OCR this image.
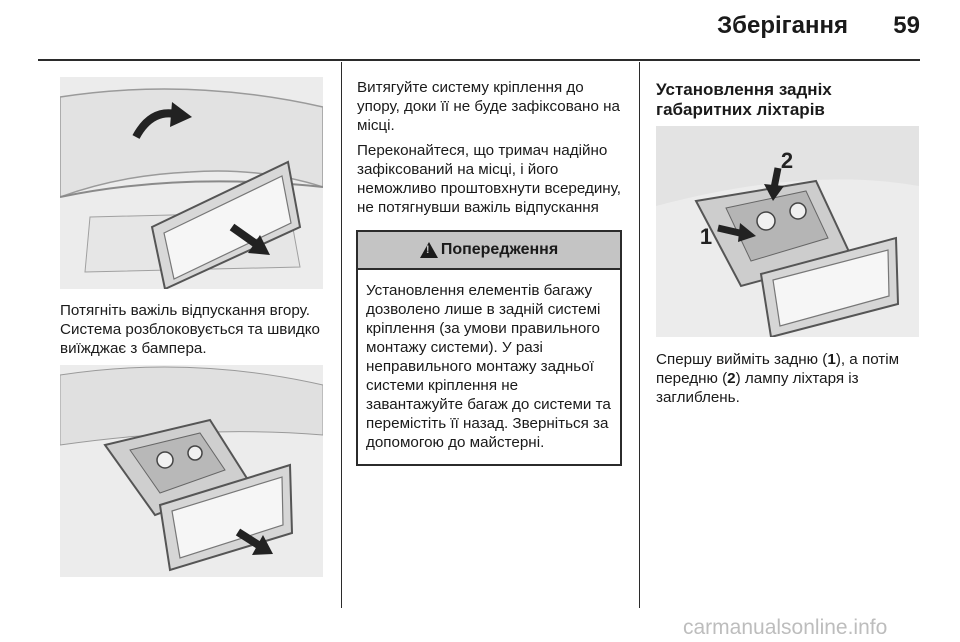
Зберігання	59

Потягніть важіль відпускання вгору. Система розблоковується та швидко виїжджає з бампера.

Витягуйте систему кріплення до упору, доки її не буде зафіксовано на місці.

Переконайтеся, що тримач надійно зафіксований на місці, і його неможливо проштовхнути всередину, не потягнувши важіль відпускання

!
Попередження
Установлення елементів багажу дозволено лише в задній системі кріплення (за умови правильного монтажу системи). У разі неправильного монтажу задньої системи кріплення не завантажуйте багаж до системи та перемістіть її назад. Зверніться за допомогою до майстерні.
Установлення задніх габаритних ліхтарів
1
2

Спершу вийміть задню (1), а потім передню (2) лампу ліхтаря із заглиблень.

carmanualsonline.info
